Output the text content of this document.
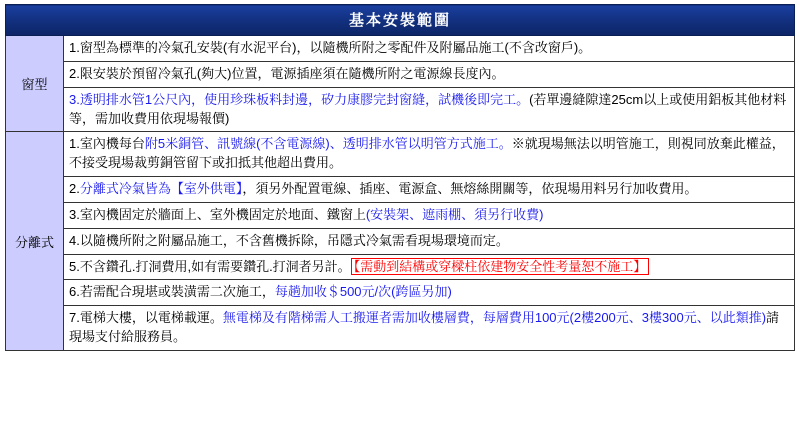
基本安裝範圍	
窗型	1.窗型為標準的冷氣孔安裝(有水泥平台)，以隨機所附之零配件及附屬品施工(不含改窗戶)。
	2.限安裝於預留冷氣孔(夠大)位置，電源插座須在隨機所附之電源線長度內。
	3.透明排水管1公尺內，使用珍珠板料封邊，矽力康膠完封窗縫，試機後即完工。(若單邊縫隙達25cm以上或使用鋁板其他材料等，需加收費用依現場報價)
分離式	1.室內機每台附5米銅管、訊號線(不含電源線)、透明排水管以明管方式施工。※就現場無法以明管施工，則視同放棄此權益，不接受現場裁剪銅管留下或扣抵其他超出費用。
	2.分離式冷氣皆為【室外供電】，須另外配置電線、插座、電源盒、無熔絲開關等，依現場用料另行加收費用。
	3.室內機固定於牆面上、室外機固定於地面、鐵窗上(安裝架、遮雨棚、須另行收費)
	4.以隨機所附之附屬品施工，不含舊機拆除，吊隱式冷氣需看現場環境而定。
	5.不含鑽孔.打洞費用,如有需要鑽孔.打洞者另計。 【需動到結構或穿樑柱依建物安全性考量恕不施工】
	6.若需配合現堪或裝潢需二次施工，每趟加收＄500元/次(跨區另加)
	7.電梯大樓，以電梯載運。無電梯及有階梯需人工搬運者需加收樓層費，每層費用100元(2樓200元、3樓300元、以此類推)請現場支付給服務員。
